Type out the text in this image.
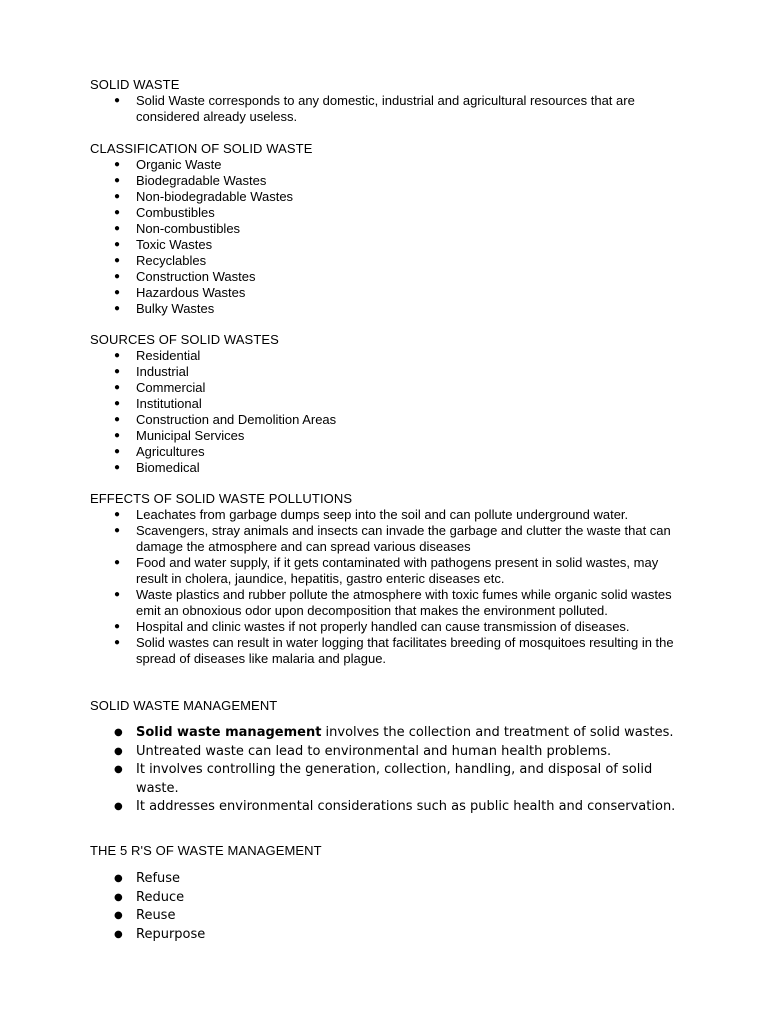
SOLID WASTE

● Solid Waste corresponds to any domestic, industrial and agricultural resources that are considered already useless.

CLASSIFICATION OF SOLID WASTE

● Organic Waste
● Biodegradable Wastes
● Non-biodegradable Wastes
● Combustibles
● Non-combustibles
● Toxic Wastes
● Recyclables
● Construction Wastes
● Hazardous Wastes
● Bulky Wastes

SOURCES OF SOLID WASTES

● Residential
● Industrial
● Commercial
● Institutional
● Construction and Demolition Areas
● Municipal Services
● Agricultures
● Biomedical

EFFECTS OF SOLID WASTE POLLUTIONS

● Leachates from garbage dumps seep into the soil and can pollute underground water.
● Scavengers, stray animals and insects can invade the garbage and clutter the waste that can damage the atmosphere and can spread various diseases
● Food and water supply, if it gets contaminated with pathogens present in solid wastes, may result in cholera, jaundice, hepatitis, gastro enteric diseases etc.
● Waste plastics and rubber pollute the atmosphere with toxic fumes while organic solid wastes emit an obnoxious odor upon decomposition that makes the environment polluted.
● Hospital and clinic wastes if not properly handled can cause transmission of diseases.
● Solid wastes can result in water logging that facilitates breeding of mosquitoes resulting in the spread of diseases like malaria and plague.

SOLID WASTE MANAGEMENT

● Solid waste management involves the collection and treatment of solid wastes.
● Untreated waste can lead to environmental and human health problems.
● It involves controlling the generation, collection, handling, and disposal of solid waste.
● It addresses environmental considerations such as public health and conservation.

THE 5 R'S OF WASTE MANAGEMENT

● Refuse
● Reduce
● Reuse
● Repurpose
